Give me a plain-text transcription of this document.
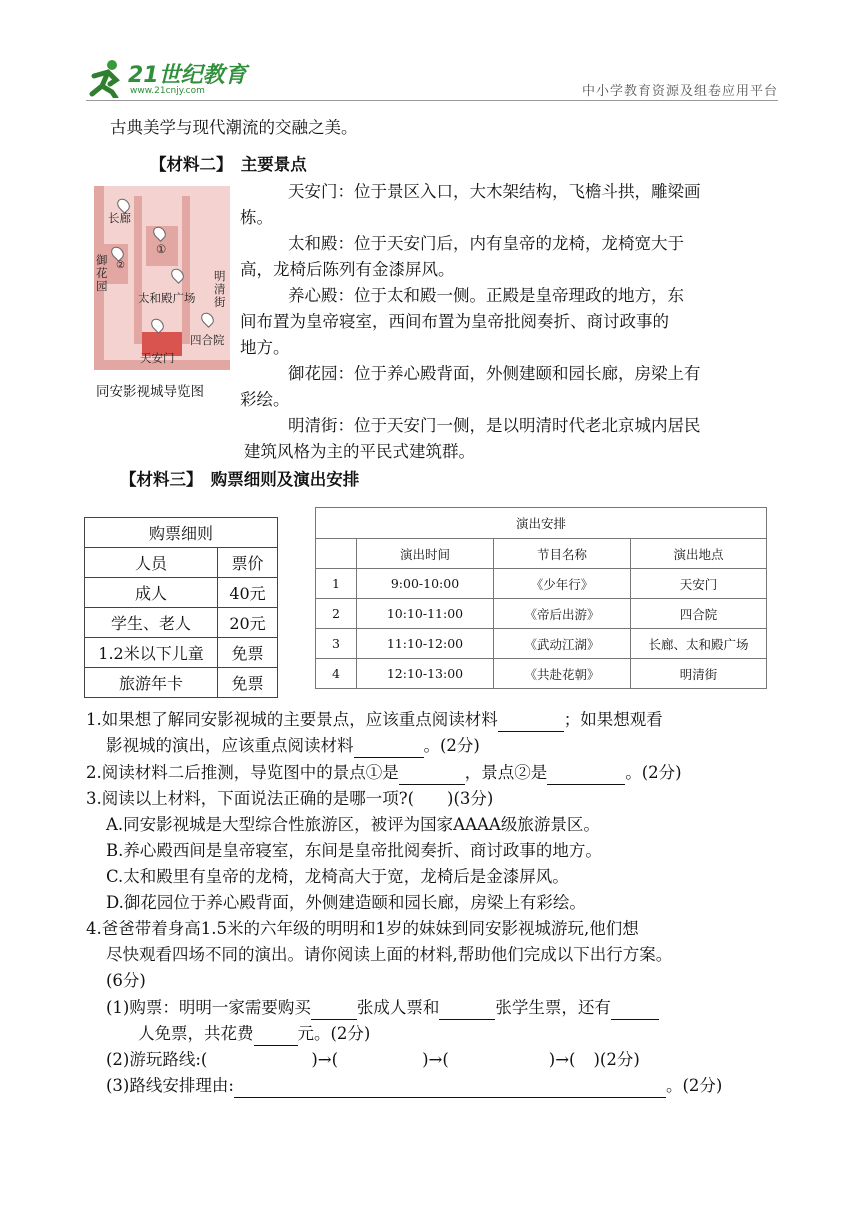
21世纪教育
www.21cnjy.com	中小学教育资源及组卷应用平台
古典美学与现代潮流的交融之美。
【材料二】　主要景点
长廊
①
②
御花园
太和殿广场
明清街
四合院
天安门
同安影视城导览图
天安门：位于景区入口，大木架结构，飞檐斗拱，雕梁画
栋。
太和殿：位于天安门后，内有皇帝的龙椅，龙椅宽大于
高，龙椅后陈列有金漆屏风。
养心殿：位于太和殿一侧。正殿是皇帝理政的地方，东
间布置为皇帝寝室，西间布置为皇帝批阅奏折、商讨政事的
地方。
御花园：位于养心殿背面，外侧建颐和园长廊，房梁上有
彩绘。
明清街：位于天安门一侧，是以明清时代老北京城内居民
建筑风格为主的平民式建筑群。
【材料三】　购票细则及演出安排
购票细则	
人员	票价
成人	40元
学生、老人	20元
1.2米以下儿童	免票
旅游年卡	免票
演出安排			
	演出时间	节目名称	演出地点
1	9:00-10:00	《少年行》	天安门
2	10:10-11:00	《帝后出游》	四合院
3	11:10-12:00	《武动江湖》	长廊、太和殿广场
4	12:10-13:00	《共赴花朝》	明清街
1.如果想了解同安影视城的主要景点，应该重点阅读材料	；如果想观看
影视城的演出，应该重点阅读材料	。(2分)
2.阅读材料二后推测，导览图中的景点①是	，景点②是	。(2分)
3.阅读以上材料，下面说法正确的是哪一项?(　　)(3分)
A.同安影视城是大型综合性旅游区，被评为国家AAAA级旅游景区。
B.养心殿西间是皇帝寝室，东间是皇帝批阅奏折、商讨政事的地方。
C.太和殿里有皇帝的龙椅，龙椅高大于宽，龙椅后是金漆屏风。
D.御花园位于养心殿背面，外侧建造颐和园长廊，房梁上有彩绘。
4.爸爸带着身高1.5米的六年级的明明和1岁的妹妹到同安影视城游玩,他们想
尽快观看四场不同的演出。请你阅读上面的材料,帮助他们完成以下出行方案。
(6分)
(1)购票：明明一家需要购买	张成人票和	张学生票，还有
人免票，共花费	元。(2分)
(2)游玩路线:(	)→(	)→(	)→( )(2分)
(3)路线安排理由:	。(2分)
